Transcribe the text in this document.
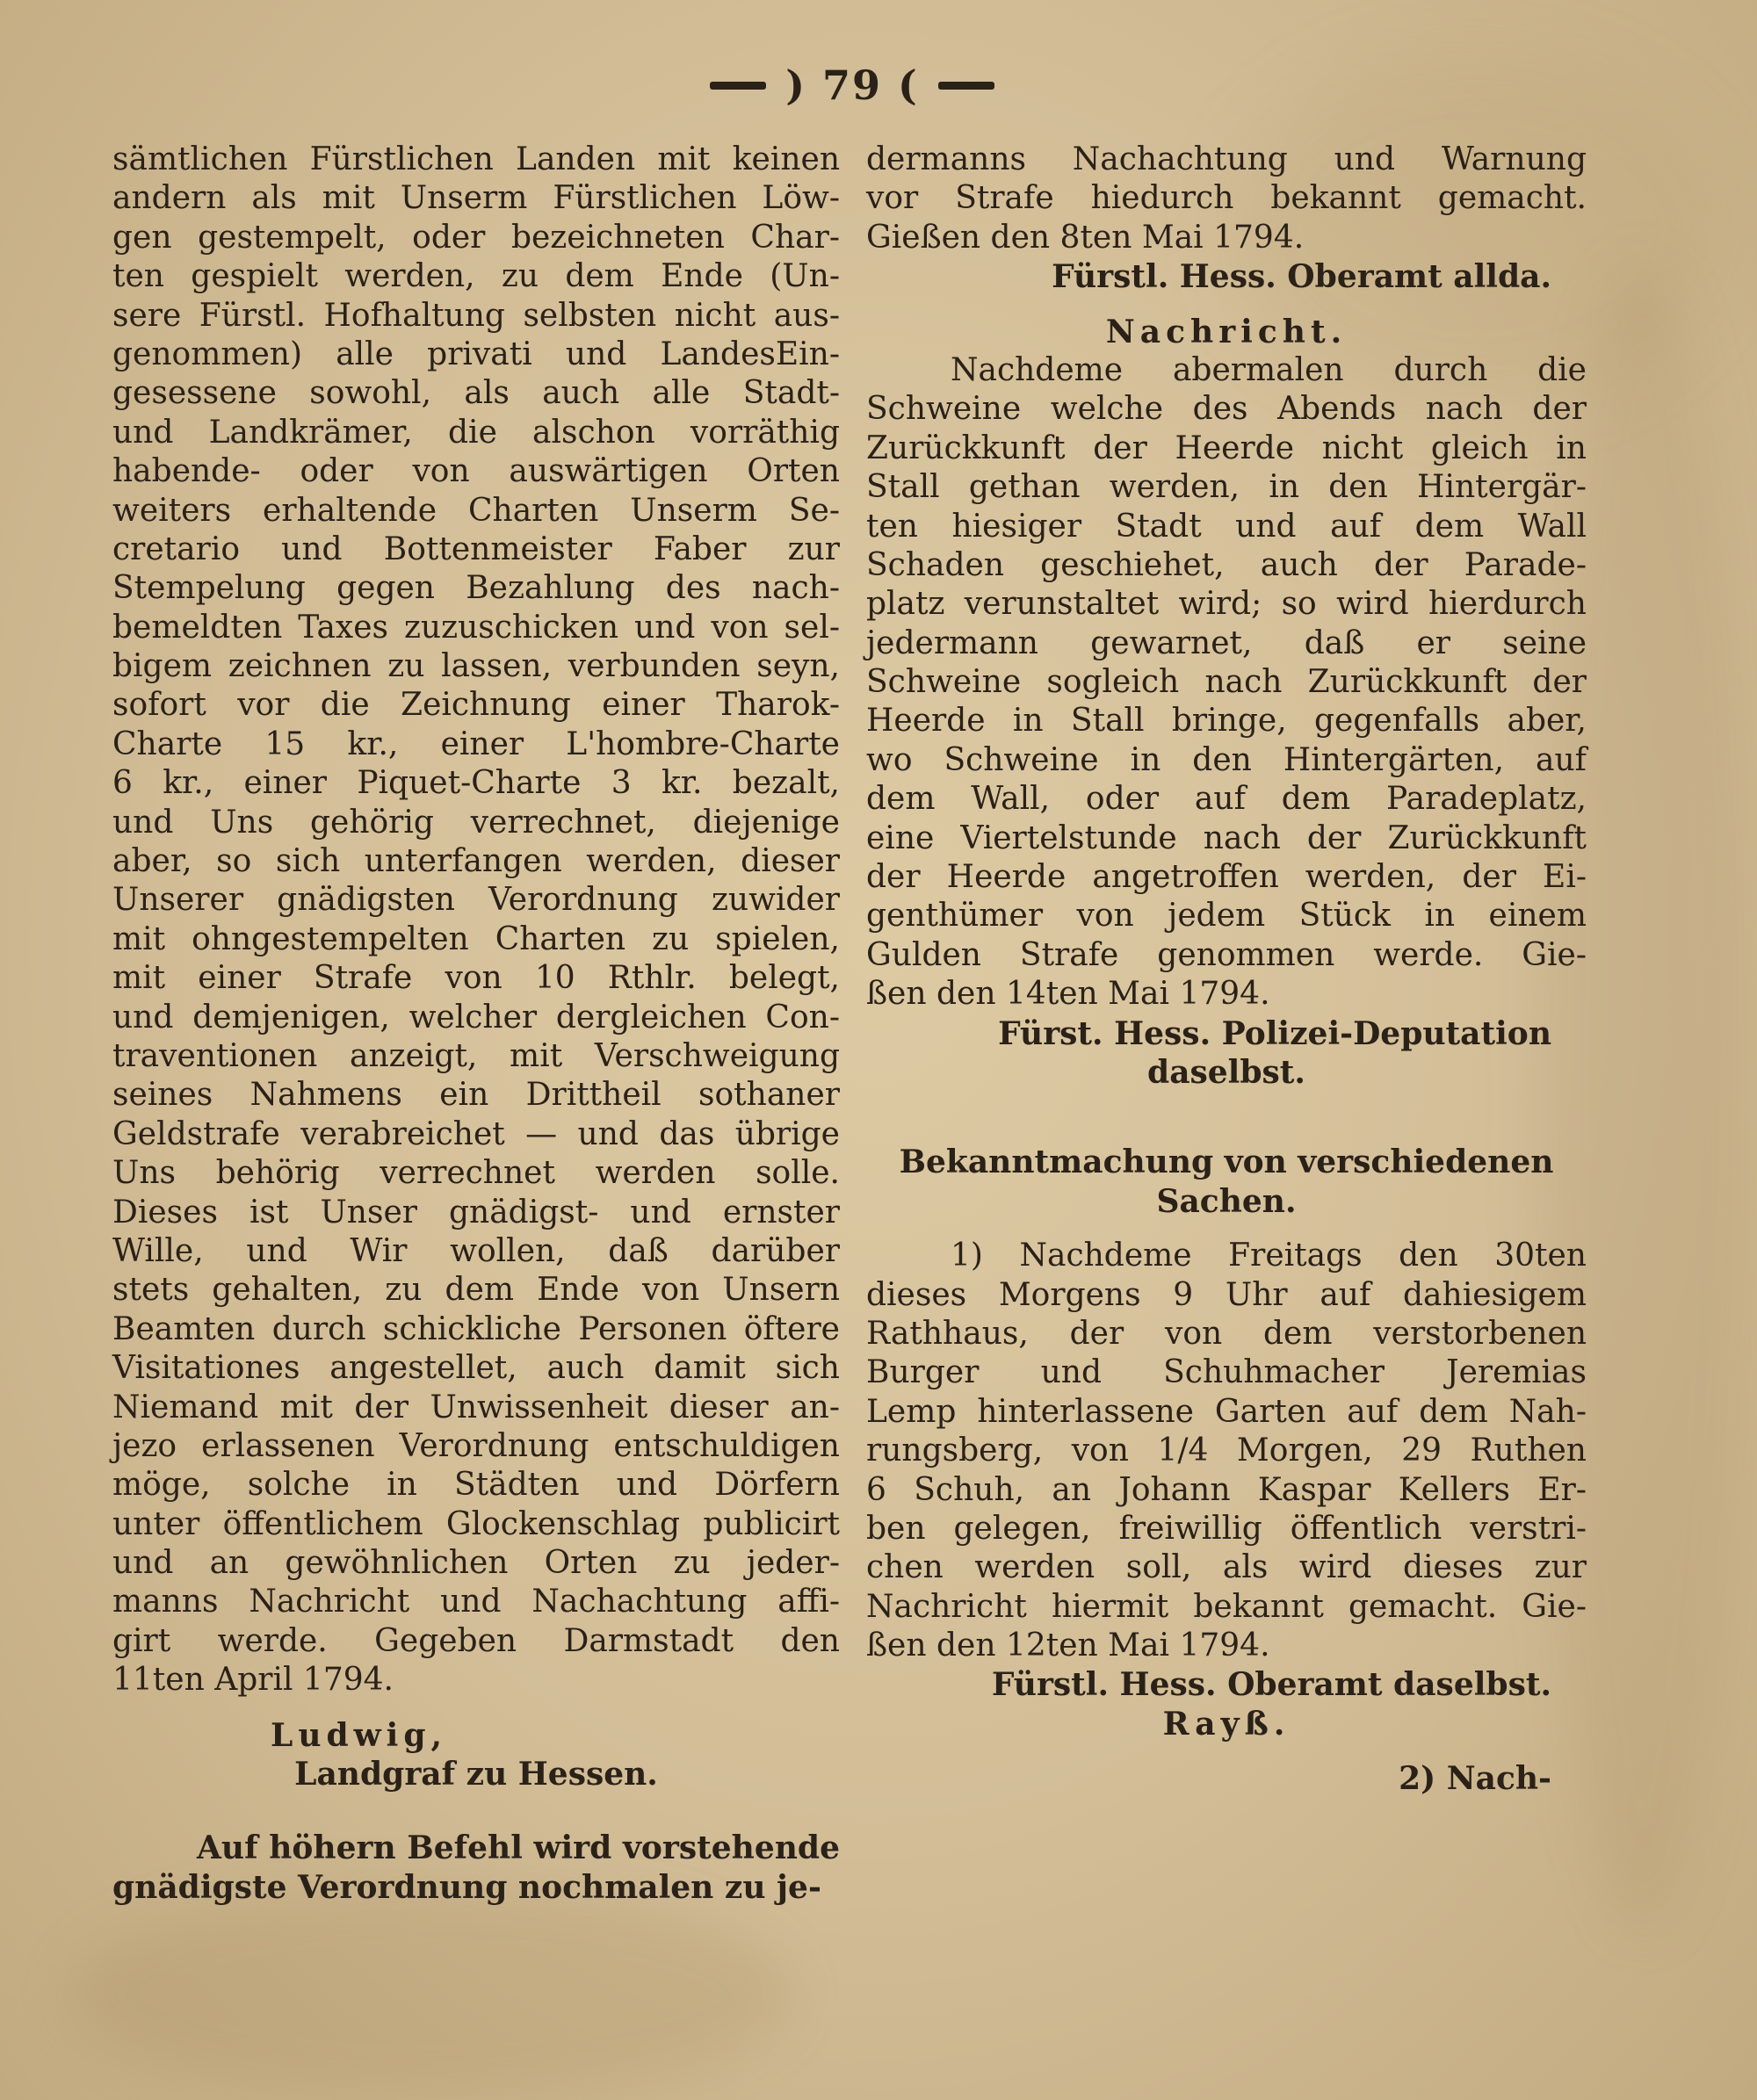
) 79 (
sämtlichen Fürstlichen Landen mit keinen
andern als mit Unserm Fürstlichen Löw-
gen gestempelt, oder bezeichneten Char-
ten gespielt werden, zu dem Ende (Un-
sere Fürstl. Hofhaltung selbsten nicht aus-
genommen) alle privati und LandesEin-
gesessene sowohl, als auch alle Stadt-
und Landkrämer, die alschon vorräthig
habende- oder von auswärtigen Orten
weiters erhaltende Charten Unserm Se-
cretario und Bottenmeister Faber zur
Stempelung gegen Bezahlung des nach-
bemeldten Taxes zuzuschicken und von sel-
bigem zeichnen zu lassen, verbunden seyn,
sofort vor die Zeichnung einer Tharok-
Charte 15 kr., einer L'hombre-Charte
6 kr., einer Piquet-Charte 3 kr. bezalt,
und Uns gehörig verrechnet, diejenige
aber, so sich unterfangen werden, dieser
Unserer gnädigsten Verordnung zuwider
mit ohngestempelten Charten zu spielen,
mit einer Strafe von 10 Rthlr. belegt,
und demjenigen, welcher dergleichen Con-
traventionen anzeigt, mit Verschweigung
seines Nahmens ein Drittheil sothaner
Geldstrafe verabreichet — und das übrige
Uns behörig verrechnet werden solle.
Dieses ist Unser gnädigst- und ernster
Wille, und Wir wollen, daß darüber
stets gehalten, zu dem Ende von Unsern
Beamten durch schickliche Personen öftere
Visitationes angestellet, auch damit sich
Niemand mit der Unwissenheit dieser an-
jezo erlassenen Verordnung entschuldigen
möge, solche in Städten und Dörfern
unter öffentlichem Glockenschlag publicirt
und an gewöhnlichen Orten zu jeder-
manns Nachricht und Nachachtung affi-
girt werde. Gegeben Darmstadt den
11ten April 1794.
Ludwig,
Landgraf zu Hessen.
Auf höhern Befehl wird vorstehende
gnädigste Verordnung nochmalen zu je-
dermanns Nachachtung und Warnung
vor Strafe hiedurch bekannt gemacht.
Gießen den 8ten Mai 1794.
Fürstl. Hess. Oberamt allda.
Nachricht.
Nachdeme abermalen durch die
Schweine welche des Abends nach der
Zurückkunft der Heerde nicht gleich in
Stall gethan werden, in den Hintergär-
ten hiesiger Stadt und auf dem Wall
Schaden geschiehet, auch der Parade-
platz verunstaltet wird; so wird hierdurch
jedermann gewarnet, daß er seine
Schweine sogleich nach Zurückkunft der
Heerde in Stall bringe, gegenfalls aber,
wo Schweine in den Hintergärten, auf
dem Wall, oder auf dem Paradeplatz,
eine Viertelstunde nach der Zurückkunft
der Heerde angetroffen werden, der Ei-
genthümer von jedem Stück in einem
Gulden Strafe genommen werde. Gie-
ßen den 14ten Mai 1794.
Fürst. Hess. Polizei-Deputation
daselbst.
Bekanntmachung von verschiedenen
Sachen.
1) Nachdeme Freitags den 30ten
dieses Morgens 9 Uhr auf dahiesigem
Rathhaus, der von dem verstorbenen
Burger und Schuhmacher Jeremias
Lemp hinterlassene Garten auf dem Nah-
rungsberg, von 1/4 Morgen, 29 Ruthen
6 Schuh, an Johann Kaspar Kellers Er-
ben gelegen, freiwillig öffentlich verstri-
chen werden soll, als wird dieses zur
Nachricht hiermit bekannt gemacht. Gie-
ßen den 12ten Mai 1794.
Fürstl. Hess. Oberamt daselbst.
Rayß.
2) Nach-
